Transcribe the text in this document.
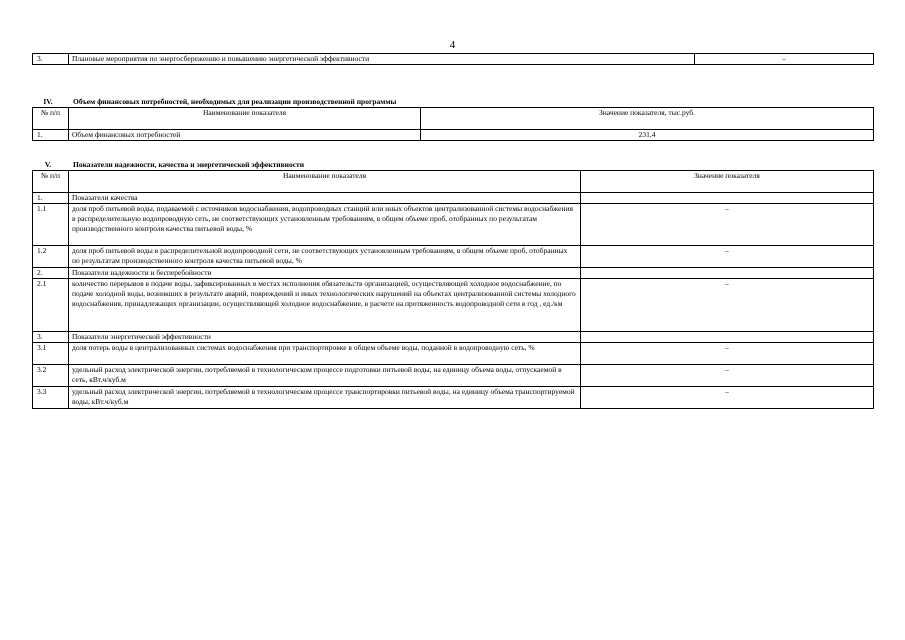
4
3.	Плановые мероприятия по энергосбережению и повышению энергетической эффективности	–
IV.	Объем финансовых потребностей, необходимых для реализации производственной программы
№ п/п	Наименование показателя	Значение показателя, тыс.руб.
1.	Объем финансовых потребностей	231,4
V.	Показатели надежности, качества и энергетической эффективности
№ п/п	Наименование показателя	Значение показателя
1.	Показатели качества	
1.1	доля проб питьевой воды, подаваемой с источников водоснабжения, водопроводных станций или иных объектов централизованной системы водоснабжения в распределительную водопроводную сеть, не соответствующих установленным требованиям, в общем объеме проб, отобранных по результатам производственного контроля качества питьевой воды, %	–
1.2	доля проб питьевой воды в распределительной водопроводной сети, не соответствующих установленным требованиям, в общем объеме проб, отобранных по результатам производственного контроля качества питьевой воды, %	–
2.	Показатели надежности и бесперебойности	
2.1	количество перерывов в подаче воды, зафиксированных в местах исполнения обязательств организацией, осуществляющей холодное водоснабжение, по подаче холодной воды, возникших в результате аварий, повреждений и иных технологических нарушений на объектах централизованной системы холодного водоснабжения, принадлежащих организации, осуществляющей холодное водоснабжение, в расчете на протяженность водопроводной сети в год , ед./км	–
3.	Показатели энергетической эффективности	
3.1	доля потерь воды в централизованных системах водоснабжения при транспортировке в общем объеме воды, поданной в водопроводную сеть, %	–
3.2	удельный расход электрической энергии, потребляемой в технологическом процессе подготовки питьевой воды, на единицу объема воды, отпускаемой в сеть, кВт.ч/куб.м	–
3.3	удельный расход электрической энергии, потребляемой в технологическом процессе транспортировки питьевой воды, на единицу объема транспортируемой воды, кВт.ч/куб.м	–
